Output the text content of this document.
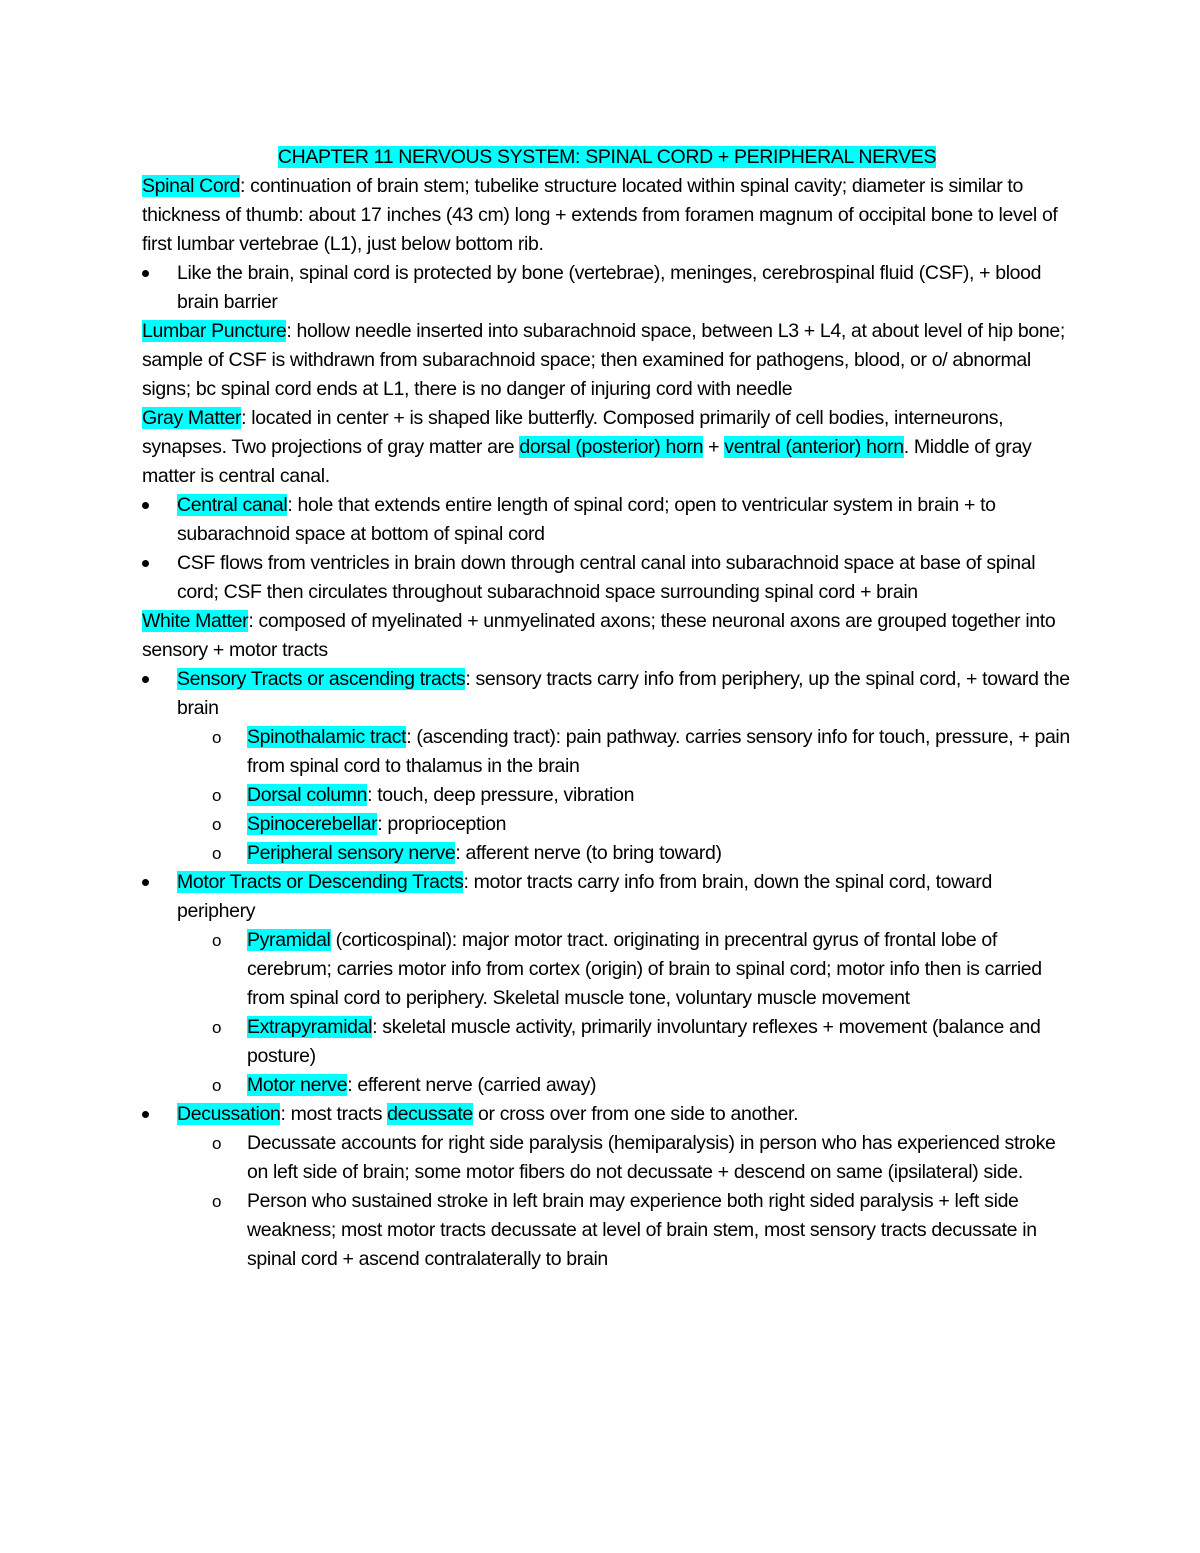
CHAPTER 11 NERVOUS SYSTEM: SPINAL CORD + PERIPHERAL NERVES

Spinal Cord: continuation of brain stem; tubelike structure located within spinal cavity; diameter is similar to thickness of thumb: about 17 inches (43 cm) long + extends from foramen magnum of occipital bone to level of first lumbar vertebrae (L1), just below bottom rib.

Like the brain, spinal cord is protected by bone (vertebrae), meninges, cerebrospinal fluid (CSF), + blood brain barrier

Lumbar Puncture: hollow needle inserted into subarachnoid space, between L3 + L4, at about level of hip bone; sample of CSF is withdrawn from subarachnoid space; then examined for pathogens, blood, or o/ abnormal signs; bc spinal cord ends at L1, there is no danger of injuring cord with needle

Gray Matter: located in center + is shaped like butterfly. Composed primarily of cell bodies, interneurons, synapses. Two projections of gray matter are dorsal (posterior) horn + ventral (anterior) horn. Middle of gray matter is central canal.

Central canal: hole that extends entire length of spinal cord; open to ventricular system in brain + to subarachnoid space at bottom of spinal cord
CSF flows from ventricles in brain down through central canal into subarachnoid space at base of spinal cord; CSF then circulates throughout subarachnoid space surrounding spinal cord + brain

White Matter: composed of myelinated + unmyelinated axons; these neuronal axons are grouped together into sensory + motor tracts

Sensory Tracts or ascending tracts: sensory tracts carry info from periphery, up the spinal cord, + toward the brain
o Spinothalamic tract: (ascending tract): pain pathway. carries sensory info for touch, pressure, + pain from spinal cord to thalamus in the brain
o Dorsal column: touch, deep pressure, vibration
o Spinocerebellar: proprioception
o Peripheral sensory nerve: afferent nerve (to bring toward)
Motor Tracts or Descending Tracts: motor tracts carry info from brain, down the spinal cord, toward periphery
o Pyramidal (corticospinal): major motor tract. originating in precentral gyrus of frontal lobe of cerebrum; carries motor info from cortex (origin) of brain to spinal cord; motor info then is carried from spinal cord to periphery. Skeletal muscle tone, voluntary muscle movement
o Extrapyramidal: skeletal muscle activity, primarily involuntary reflexes + movement (balance and posture)
o Motor nerve: efferent nerve (carried away)
Decussation: most tracts decussate or cross over from one side to another.
o Decussate accounts for right side paralysis (hemiparalysis) in person who has experienced stroke on left side of brain; some motor fibers do not decussate + descend on same (ipsilateral) side.
o Person who sustained stroke in left brain may experience both right sided paralysis + left side weakness; most motor tracts decussate at level of brain stem, most sensory tracts decussate in spinal cord + ascend contralaterally to brain
